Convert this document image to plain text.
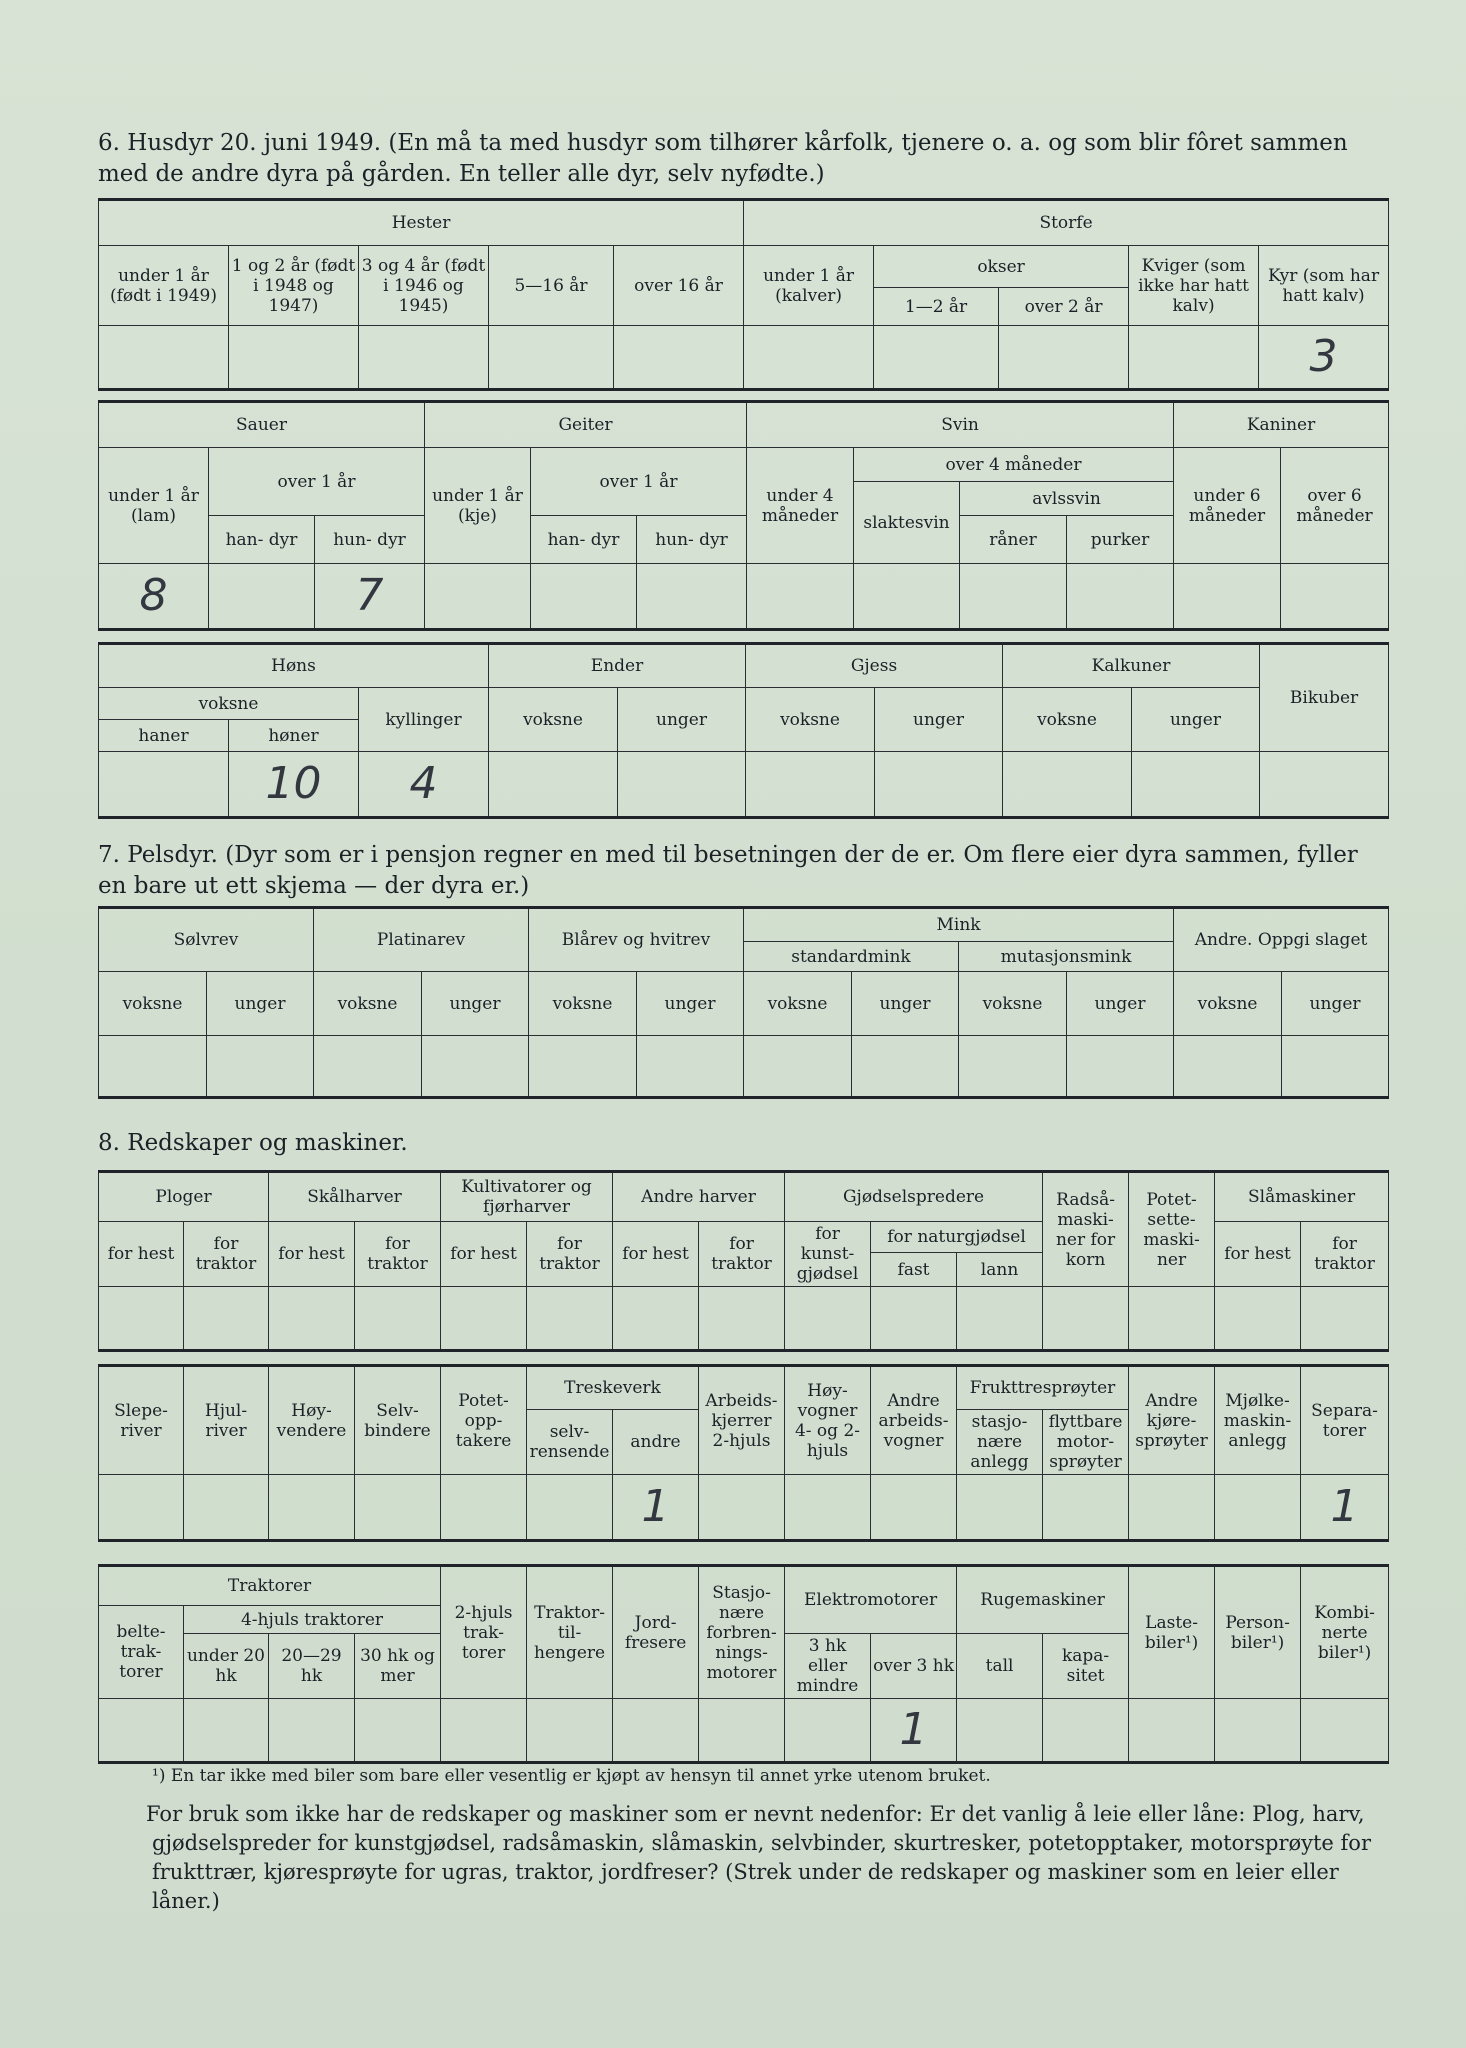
6. Husdyr 20. juni 1949. (En må ta med husdyr som tilhører kårfolk, tjenere o. a. og som blir fôret sammen med de andre dyra på gården. En teller alle dyr, selv nyfødte.)

Hester					Storfe				
under 1 år (født i 1949)	1 og 2 år (født i 1948 og 1947)	3 og 4 år (født i 1946 og 1945)	5—16 år	over 16 år	under 1 år (kalver)	okser		Kviger (som ikke har hatt kalv)	Kyr (som har hatt kalv)
						1—2 år	over 2 år		
									3
Sauer			Geiter			Svin				Kaniner	
under 1 år (lam)	over 1 år		under 1 år (kje)	over 1 år		under 4 måneder	over 4 måneder			under 6 måneder	over 6 måneder
							slaktesvin	avlssvin			
	han- dyr	hun- dyr		han- dyr	hun- dyr			råner	purker		
8		7									
Høns			Ender		Gjess		Kalkuner		Bikuber
voksne		kyllinger	voksne	unger	voksne	unger	voksne	unger	
haner	høner								
	10	4							

7. Pelsdyr. (Dyr som er i pensjon regner en med til besetningen der de er. Om flere eier dyra sammen, fyller en bare ut ett skjema — der dyra er.)

Sølvrev		Platinarev		Blårev og hvitrev		Mink				Andre. Oppgi slaget	
						standardmink		mutasjonsmink			
voksne	unger	voksne	unger	voksne	unger	voksne	unger	voksne	unger	voksne	unger

8. Redskaper og maskiner.

Ploger		Skålharver		Kultivatorer og fjørharver		Andre harver		Gjødselspredere			Radså- maski- ner for korn	Potet- sette- maski- ner	Slåmaskiner	
for hest	for traktor	for hest	for traktor	for hest	for traktor	for hest	for traktor	for kunst- gjødsel	for naturgjødsel				for hest	for traktor
									fast	lann				

Slepe- river	Hjul- river	Høy- vendere	Selv- bindere	Potet- opp- takere	Treskeverk		Arbeids- kjerrer 2-hjuls	Høy- vogner 4- og 2- hjuls	Andre arbeids- vogner	Frukttresprøyter		Andre kjøre- sprøyter	Mjølke- maskin- anlegg	Separa- torer
					selv- rensende	andre				stasjo- nære anlegg	flyttbare motor- sprøyter			
						1								1
Traktorer				2-hjuls trak- torer	Traktor- til- hengere	Jord- fresere	Stasjo- nære forbren- nings- motorer	Elektromotorer		Rugemaskiner		Laste- biler¹)	Person- biler¹)	Kombi- nerte biler¹)
belte- trak- torer	4-hjuls traktorer													
	under 20 hk	20—29 hk	30 hk og mer					3 hk eller mindre	over 3 hk	tall	kapa- sitet			
									1					
¹) En tar ikke med biler som bare eller vesentlig er kjøpt av hensyn til annet yrke utenom bruket.

For bruk som ikke har de redskaper og maskiner som er nevnt nedenfor: Er det vanlig å leie eller låne: Plog, harv, gjødselspreder for kunstgjødsel, radsåmaskin, slåmaskin, selvbinder, skurtresker, potetopptaker, motorsprøyte for frukttrær, kjøresprøyte for ugras, traktor, jordfreser? (Strek under de redskaper og maskiner som en leier eller låner.)
